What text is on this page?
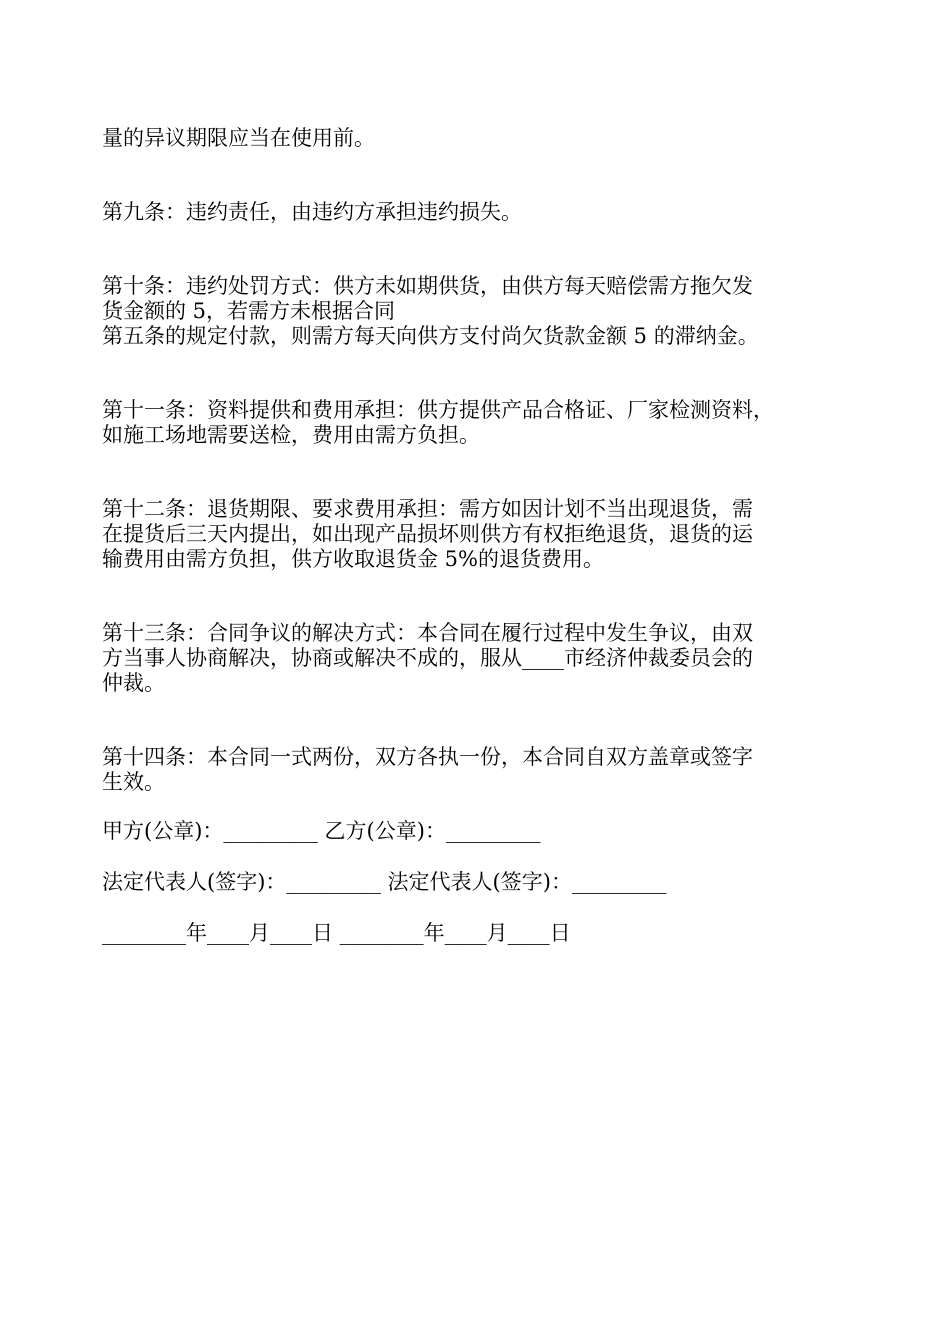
量的异议期限应当在使用前。
第九条：违约责任，由违约方承担违约损失。
第十条：违约处罚方式：供方未如期供货，由供方每天赔偿需方拖欠发
货金额的 5，若需方未根据合同
第五条的规定付款，则需方每天向供方支付尚欠货款金额 5 的滞纳金。
第十一条：资料提供和费用承担：供方提供产品合格证、厂家检测资料，
如施工场地需要送检，费用由需方负担。
第十二条：退货期限、要求费用承担：需方如因计划不当出现退货，需
在提货后三天内提出，如出现产品损坏则供方有权拒绝退货，退货的运
输费用由需方负担，供方收取退货金 5%的退货费用。
第十三条：合同争议的解决方式：本合同在履行过程中发生争议，由双
方当事人协商解决，协商或解决不成的，服从____市经济仲裁委员会的
仲裁。
第十四条：本合同一式两份，双方各执一份，本合同自双方盖章或签字
生效。
甲方(公章)：_________ 乙方(公章)：_________
法定代表人(签字)：_________ 法定代表人(签字)：_________
________年____月____日 ________年____月____日
